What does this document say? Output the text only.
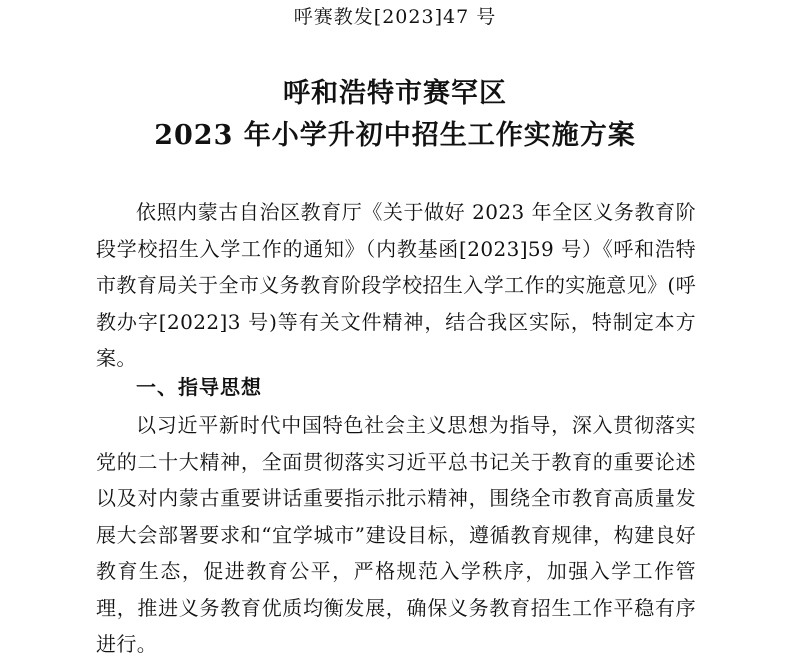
呼赛教发[2023]47 号
呼和浩特市赛罕区
2023 年小学升初中招生工作实施方案

依照内蒙古自治区教育厅《关于做好 2023 年全区义务教育阶段学校招生入学工作的通知》（内教基函[2023]59 号）《呼和浩特市教育局关于全市义务教育阶段学校招生入学工作的实施意见》(呼教办字[2022]3 号)等有关文件精神，结合我区实际，特制定本方案。

一、指导思想

以习近平新时代中国特色社会主义思想为指导，深入贯彻落实党的二十大精神，全面贯彻落实习近平总书记关于教育的重要论述以及对内蒙古重要讲话重要指示批示精神，围绕全市教育高质量发展大会部署要求和“宜学城市”建设目标，遵循教育规律，构建良好教育生态，促进教育公平，严格规范入学秩序，加强入学工作管理，推进义务教育优质均衡发展，确保义务教育招生工作平稳有序进行。
